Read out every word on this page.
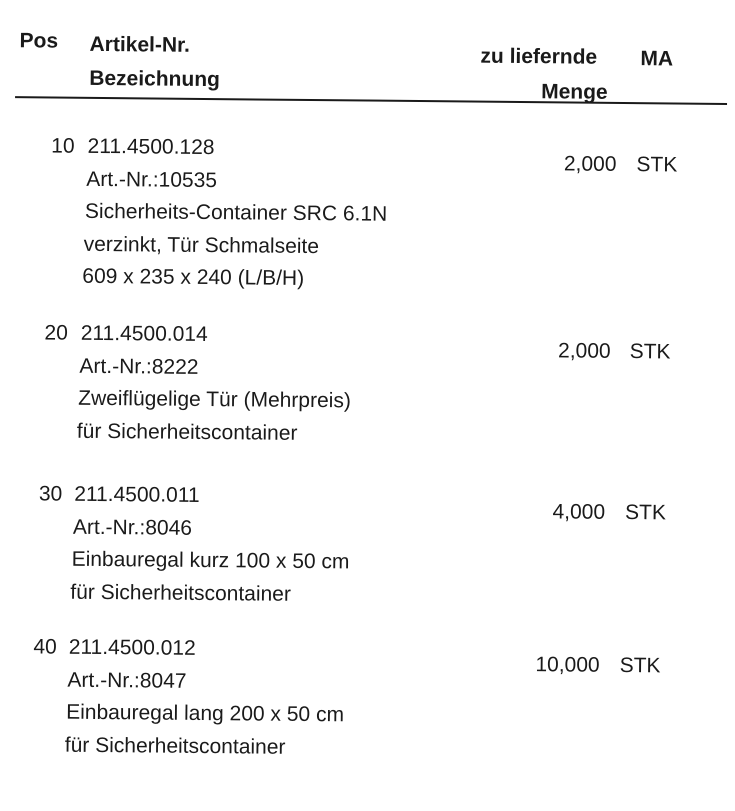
Pos Artikel-Nr.
Bezeichnung
zu liefernde
Menge
MA
10 211.4500.128
Art.-Nr.:10535
Sicherheits-Container SRC 6.1N
verzinkt, Tür Schmalseite
609 x 235 x 240 (L/B/H)
2,000 STK
20 211.4500.014
Art.-Nr.:8222
Zweiflügelige Tür (Mehrpreis)
für Sicherheitscontainer
2,000 STK
30 211.4500.011
Art.-Nr.:8046
Einbauregal kurz 100 x 50 cm
für Sicherheitscontainer
4,000 STK
40 211.4500.012
Art.-Nr.:8047
Einbauregal lang 200 x 50 cm
für Sicherheitscontainer
10,000 STK
